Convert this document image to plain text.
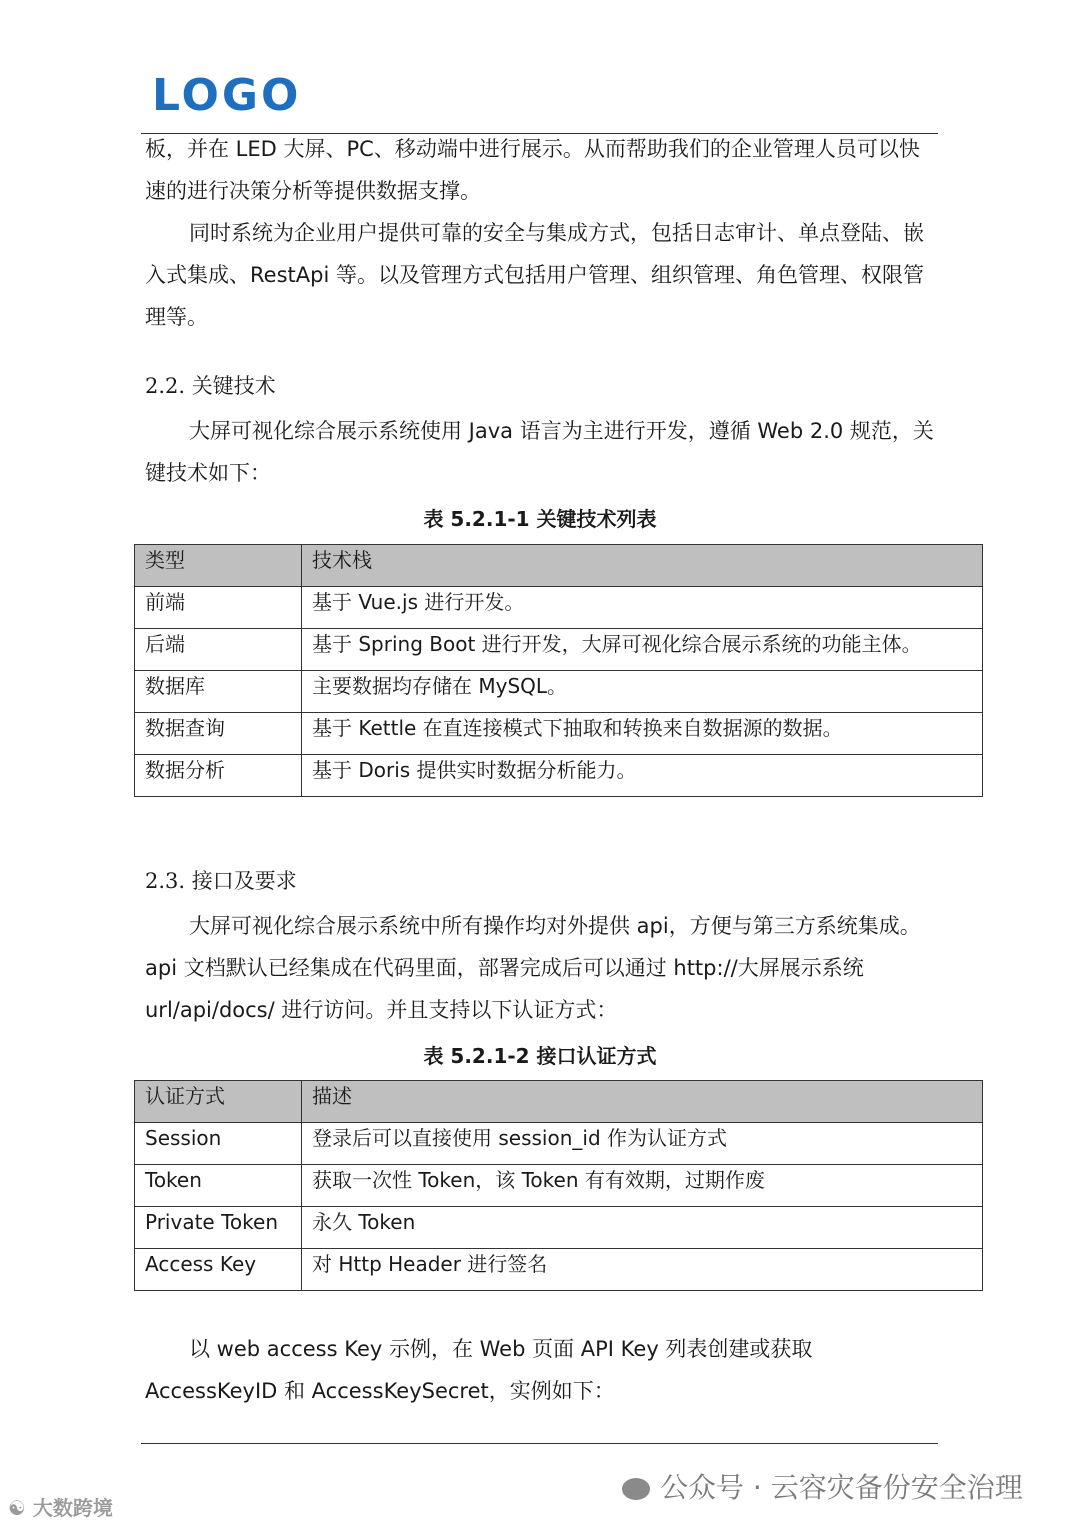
LOGO

板，并在 LED 大屏、PC、移动端中进行展示。从而帮助我们的企业管理人员可以快速的进行决策分析等提供数据支撑。

同时系统为企业用户提供可靠的安全与集成方式，包括日志审计、单点登陆、嵌入式集成、RestApi 等。以及管理方式包括用户管理、组织管理、角色管理、权限管理等。

2.2. 关键技术

大屏可视化综合展示系统使用 Java 语言为主进行开发，遵循 Web 2.0 规范，关键技术如下：

表 5.2.1-1 关键技术列表

类型	技术栈
前端	基于 Vue.js 进行开发。
后端	基于 Spring Boot 进行开发，大屏可视化综合展示系统的功能主体。
数据库	主要数据均存储在 MySQL。
数据查询	基于 Kettle 在直连接模式下抽取和转换来自数据源的数据。
数据分析	基于 Doris 提供实时数据分析能力。

2.3. 接口及要求

大屏可视化综合展示系统中所有操作均对外提供 api，方便与第三方系统集成。api 文档默认已经集成在代码里面，部署完成后可以通过 http://大屏展示系统url/api/docs/ 进行访问。并且支持以下认证方式：

表 5.2.1-2 接口认证方式

认证方式	描述
Session	登录后可以直接使用 session_id 作为认证方式
Token	获取一次性 Token，该 Token 有有效期，过期作废
Private Token	永久 Token
Access Key	对 Http Header 进行签名

以 web access Key 示例，在 Web 页面 API Key 列表创建或获取 AccessKeyID 和 AccessKeySecret，实例如下：

公众号 · 云容灾备份安全治理
☯ 大数跨境
